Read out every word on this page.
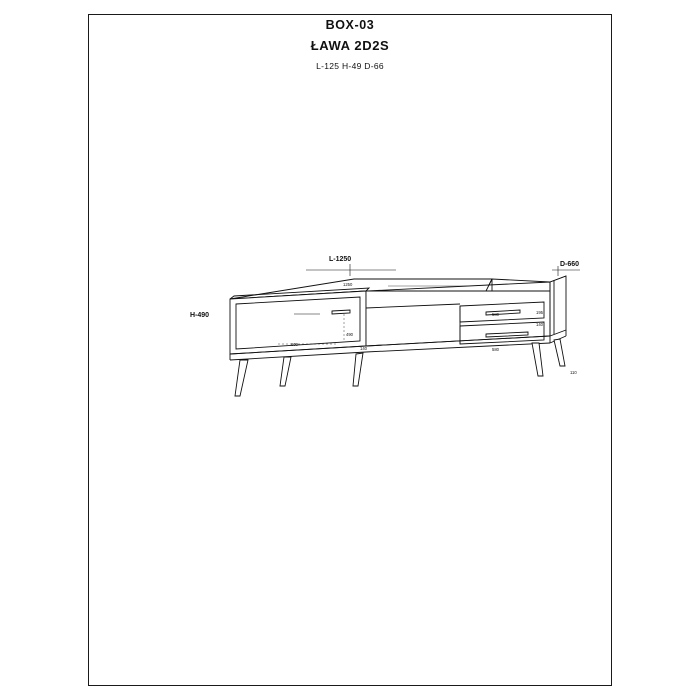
BOX-03
ŁAWA 2D2S
L-125 H-49 D-66
L-1250
H-490
D-660
1250
600
490
580
580
195
140
110
140
